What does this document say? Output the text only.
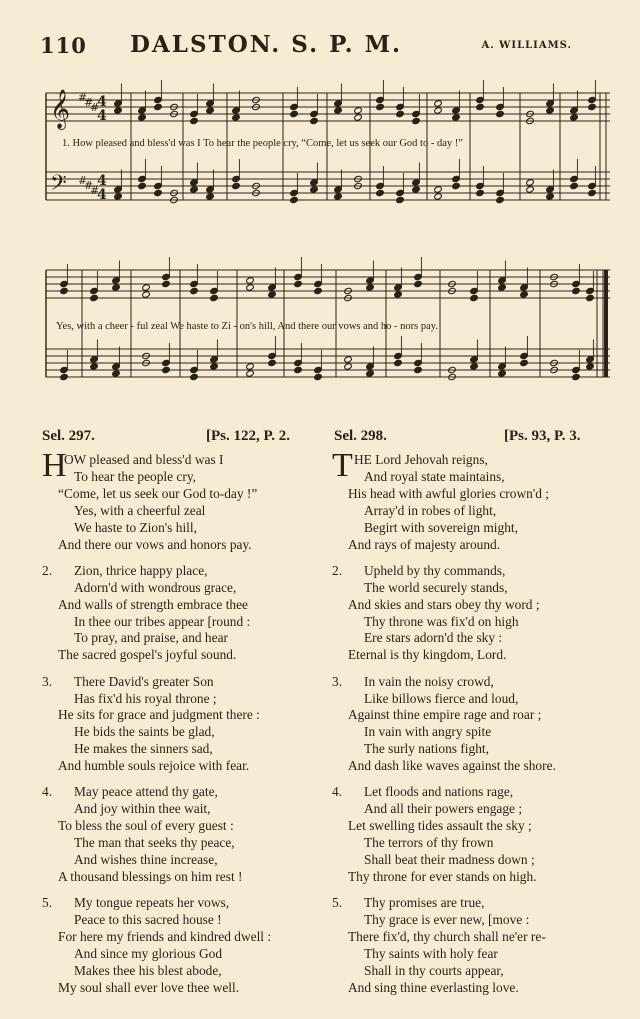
110 DALSTON. S. P. M.	A. WILLIAMS.
𝄞
𝄢
#
#
#
#
#
#
4
4
4
4
1. How pleased and bless'd was I To hear the people cry, “Come, let us seek our God to - day !”
Yes, with a cheer - ful zeal We haste to Zi - on's hill, And there our vows and ho - nors pay.
Sel. 297.	[Ps. 122, P. 2.	Sel. 298.	[Ps. 93, P. 3.
H
OW pleased and bless'd was I
To hear the people cry,
“Come, let us seek our God to-day !”
Yes, with a cheerful zeal
We haste to Zion's hill,
And there our vows and honors pay.
2. Zion, thrice happy place,
Adorn'd with wondrous grace,
And walls of strength embrace thee
In thee our tribes appear [round :
To pray, and praise, and hear
The sacred gospel's joyful sound.
3. There David's greater Son
Has fix'd his royal throne ;
He sits for grace and judgment there :
He bids the saints be glad,
He makes the sinners sad,
And humble souls rejoice with fear.
4. May peace attend thy gate,
And joy within thee wait,
To bless the soul of every guest :
The man that seeks thy peace,
And wishes thine increase,
A thousand blessings on him rest !
5. My tongue repeats her vows,
Peace to this sacred house !
For here my friends and kindred dwell :
And since my glorious God
Makes thee his blest abode,
My soul shall ever love thee well.
T HE Lord Jehovah reigns,
And royal state maintains,
His head with awful glories crown'd ;
Array'd in robes of light,
Begirt with sovereign might,
And rays of majesty around.
2. Upheld by thy commands,
The world securely stands,
And skies and stars obey thy word ;
Thy throne was fix'd on high
Ere stars adorn'd the sky :
Eternal is thy kingdom, Lord.
3. In vain the noisy crowd,
Like billows fierce and loud,
Against thine empire rage and roar ;
In vain with angry spite
The surly nations fight,
And dash like waves against the shore.
4. Let floods and nations rage,
And all their powers engage ;
Let swelling tides assault the sky ;
The terrors of thy frown
Shall beat their madness down ;
Thy throne for ever stands on high.
5. Thy promises are true,
Thy grace is ever new, [move :
There fix'd, thy church shall ne'er re-
Thy saints with holy fear
Shall in thy courts appear,
And sing thine everlasting love.
